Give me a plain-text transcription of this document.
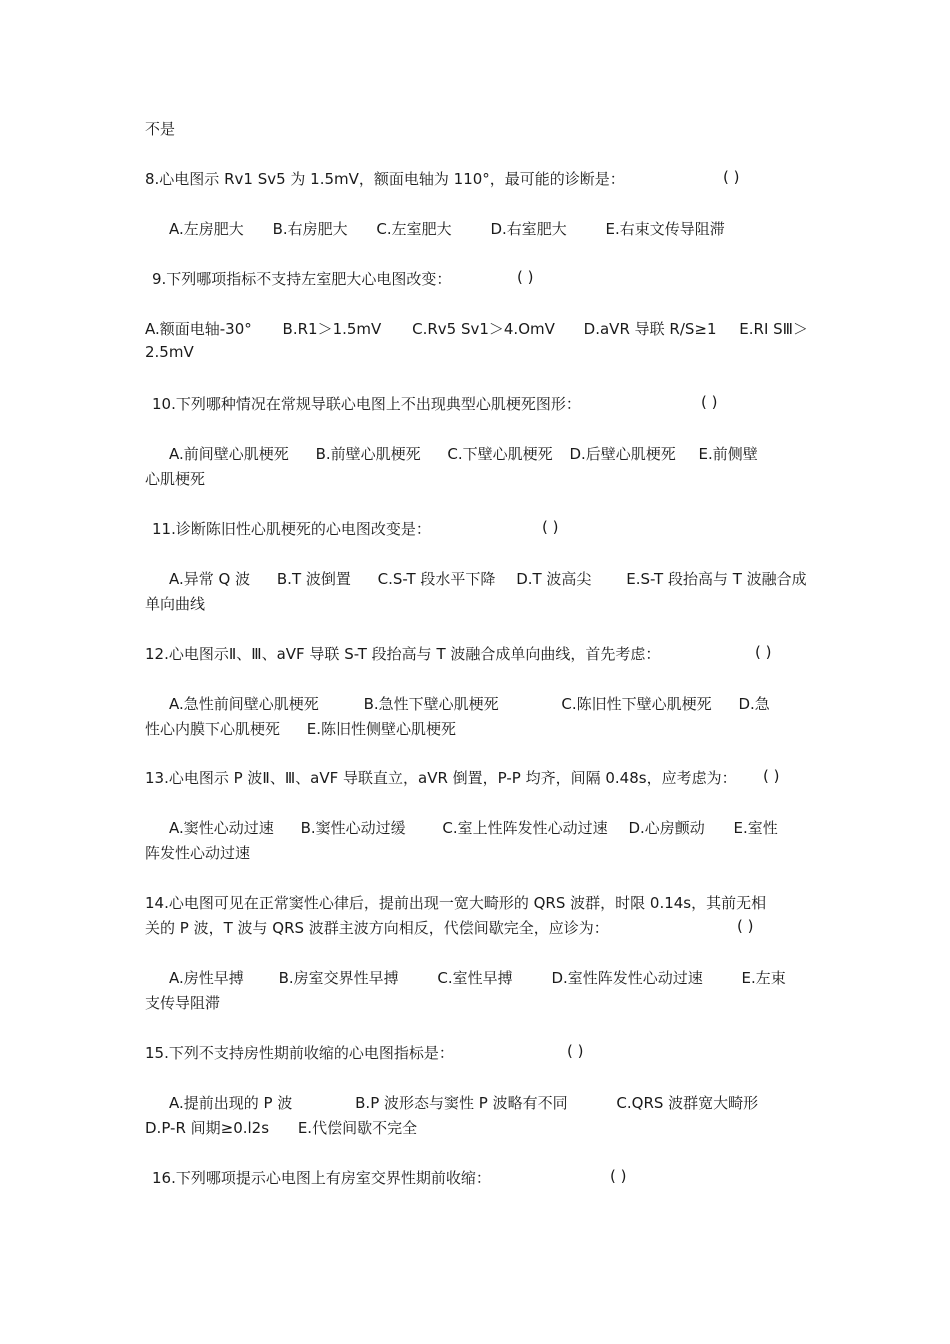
不是
8.心电图示 Rv1 Sv5 为 1.5mV，额面电轴为 110°，最可能的诊断是：	( )
A.左房肥大 B.右房肥大 C.左室肥大	D.右室肥大	E.右束文传导阻滞
9.下列哪项指标不支持左室肥大心电图改变：	( )
A.额面电轴-30° B.R1＞1.5mV C.Rv5 Sv1＞4.OmV D.aVR 导联 R/S≥1 E.RI SⅢ＞
2.5mV
10.下列哪种情况在常规导联心电图上不出现典型心肌梗死图形：	( )
A.前间壁心肌梗死 B.前壁心肌梗死 C.下壁心肌梗死 D.后壁心肌梗死 E.前侧壁
心肌梗死
11.诊断陈旧性心肌梗死的心电图改变是：	( )
A.异常 Q 波 B.T 波倒置 C.S-T 段水平下降 D.T 波高尖 E.S-T 段抬高与 T 波融合成
单向曲线
12.心电图示Ⅱ、Ⅲ、aVF 导联 S-T 段抬高与 T 波融合成单向曲线，首先考虑：	( )
A.急性前间壁心肌梗死	B.急性下壁心肌梗死	C.陈旧性下壁心肌梗死 D.急
性心内膜下心肌梗死 E.陈旧性侧壁心肌梗死
13.心电图示 P 波Ⅱ、Ⅲ、aVF 导联直立，aVR 倒置，P-P 均齐，间隔 0.48s，应考虑为： ( )
A.窦性心动过速 B.窦性心动过缓 C.室上性阵发性心动过速 D.心房颤动 E.室性
阵发性心动过速
14.心电图可见在正常窦性心律后，提前出现一宽大畸形的 QRS 波群，时限 0.14s，其前无相
关的 P 波，T 波与 QRS 波群主波方向相反，代偿间歇完全，应诊为：	( )
A.房性早搏 B.房室交界性早搏	C.室性早搏	D.室性阵发性心动过速	E.左束
支传导阻滞
15.下列不支持房性期前收缩的心电图指标是：	( )
A.提前出现的 P 波	B.P 波形态与窦性 P 波略有不同	C.QRS 波群宽大畸形
D.P-R 间期≥0.l2s E.代偿间歇不完全
16.下列哪项提示心电图上有房室交界性期前收缩：	( )
